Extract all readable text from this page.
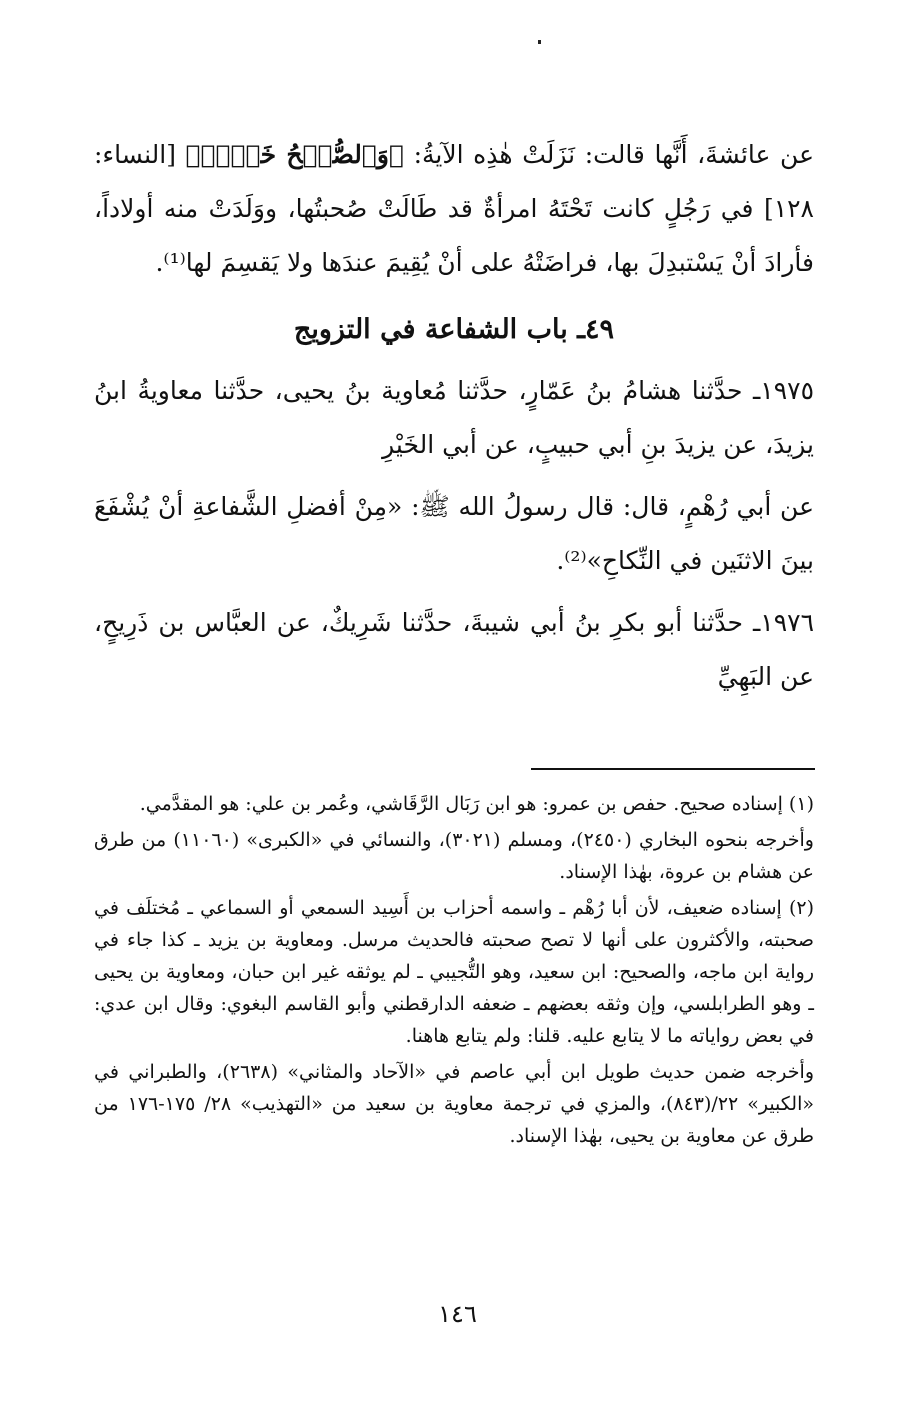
عن عائشةَ، أَنَّها قالت: نَزَلَتْ هٰذِه الآيةُ: ﴿وَٱلصُّلۡحُ خَيۡرٞ﴾ [النساء: ١٢٨] في رَجُلٍ كانت تَحْتَهُ امرأةٌ قد طَالَتْ صُحبتُها، ووَلَدَتْ منه أولاداً، فأرادَ أنْ يَسْتبدِلَ بها، فراضَتْهُ على أنْ يُقِيمَ عندَها ولا يَقسِمَ لها⁽¹⁾.

٤٩ـ باب الشفاعة في التزويج

١٩٧٥ـ حدَّثنا هشامُ بنُ عَمّارٍ، حدَّثنا مُعاوية بنُ يحيى، حدَّثنا معاويةُ ابنُ يزيدَ، عن يزيدَ بنِ أبي حبيبٍ، عن أبي الخَيْرِ

عن أبي رُهْمٍ، قال: قال رسولُ الله ﷺ: «مِنْ أفضلِ الشَّفاعةِ أنْ يُشْفَعَ بينَ الاثنَين في النِّكاحِ»⁽²⁾.

١٩٧٦ـ حدَّثنا أبو بكرِ بنُ أبي شيبةَ، حدَّثنا شَرِيكٌ، عن العبَّاس بن ذَرِيحٍ، عن البَهِيِّ

(١) إسناده صحيح. حفص بن عمرو: هو ابن رَبَال الرَّقَاشي، وعُمر بن علي: هو المقدَّمي.

وأخرجه بنحوه البخاري (٢٤٥٠)، ومسلم (٣٠٢١)، والنسائي في «الكبرى» (١١٠٦٠) من طرق عن هشام بن عروة، بهٰذا الإسناد.

(٢) إسناده ضعيف، لأن أبا رُهْم ـ واسمه أحزاب بن أَسِيد السمعي أو السماعي ـ مُختلَف في صحبته، والأكثرون على أنها لا تصح صحبته فالحديث مرسل. ومعاوية بن يزيد ـ كذا جاء في رواية ابن ماجه، والصحيح: ابن سعيد، وهو التُّجيبي ـ لم يوثقه غير ابن حبان، ومعاوية بن يحيى ـ وهو الطرابلسي، وإن وثقه بعضهم ـ ضعفه الدارقطني وأبو القاسم البغوي: وقال ابن عدي: في بعض رواياته ما لا يتابع عليه. قلنا: ولم يتابع هاهنا.

وأخرجه ضمن حديث طويل ابن أبي عاصم في «الآحاد والمثاني» (٢٦٣٨)، والطبراني في «الكبير» ٢٢/(٨٤٣)، والمزي في ترجمة معاوية بن سعيد من «التهذيب» ٢٨/ ١٧٥-١٧٦ من طرق عن معاوية بن يحيى، بهٰذا الإسناد.

١٤٦
